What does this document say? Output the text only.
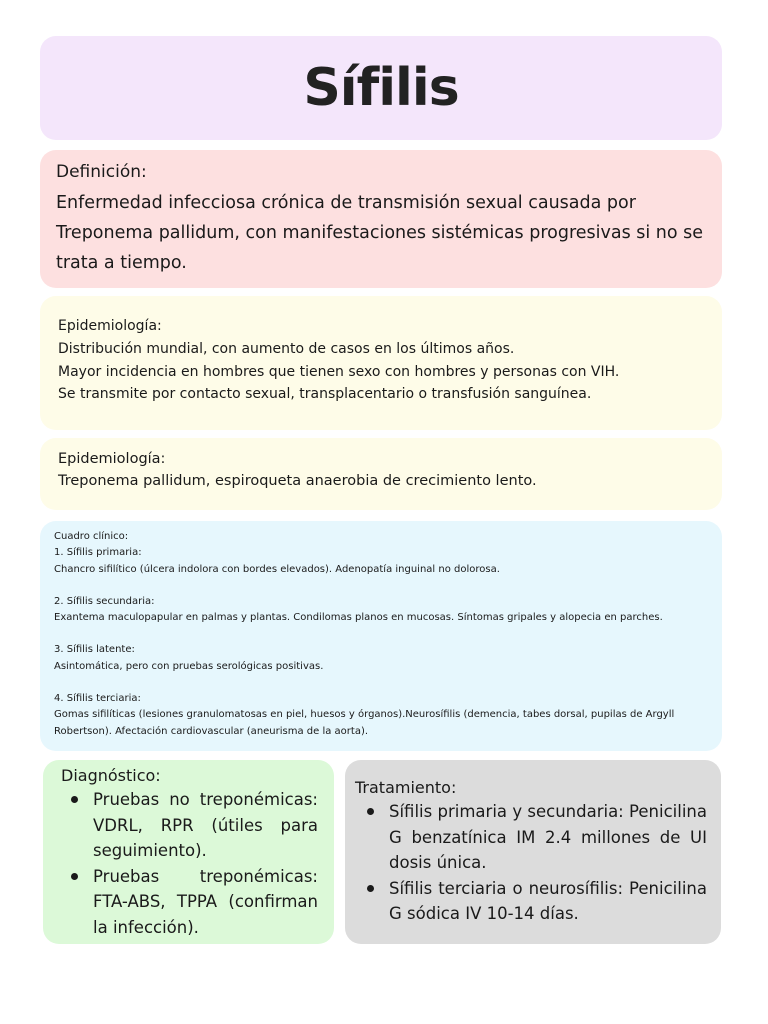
Sífilis
Definición:
Enfermedad infecciosa crónica de transmisión sexual causada por Treponema pallidum, con manifestaciones sistémicas progresivas si no se trata a tiempo.
Epidemiología:
Distribución mundial, con aumento de casos en los últimos años.
Mayor incidencia en hombres que tienen sexo con hombres y personas con VIH.
Se transmite por contacto sexual, transplacentario o transfusión sanguínea.
Epidemiología:
Treponema pallidum, espiroqueta anaerobia de crecimiento lento.
Cuadro clínico:
1. Sífilis primaria:
Chancro sifilítico (úlcera indolora con bordes elevados). Adenopatía inguinal no dolorosa.
2. Sífilis secundaria:
Exantema maculopapular en palmas y plantas. Condilomas planos en mucosas. Síntomas gripales y alopecia en parches.
3. Sífilis latente:
Asintomática, pero con pruebas serológicas positivas.
4. Sífilis terciaria:
Gomas sifilíticas (lesiones granulomatosas en piel, huesos y órganos).Neurosífilis (demencia, tabes dorsal, pupilas de Argyll Robertson). Afectación cardiovascular (aneurisma de la aorta).
Diagnóstico:
Pruebas no treponémicas: VDRL, RPR (útiles para seguimiento).
Pruebas treponémicas: FTA-ABS, TPPA (confirman la infección).
Tratamiento:
Sífilis primaria y secundaria: Penicilina G benzatínica IM 2.4 millones de UI dosis única.
Sífilis terciaria o neurosífilis: Penicilina G sódica IV 10-14 días.
